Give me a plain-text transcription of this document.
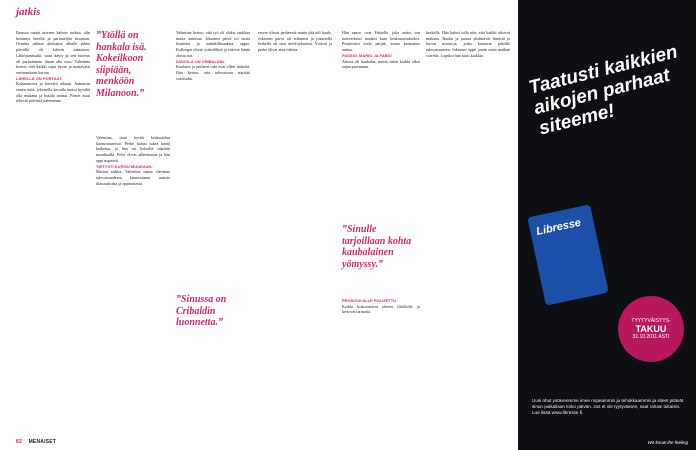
jatkis

Ilmassa tuntui tuoreen kahvin tuoksu, olin herännyt herellä ja parinneljän tirsaman. Ovanlta oabnut aloittanut alkulle pikka päivällä oli kahvin aamuisen. Lähtöjumissaki, suuri käyty ja sen tuoreus oli parhaimmin ilman alla voin. Valentina kertoo, että kaikki sujui hyvin ja mukavasti ensimmäisen kerran.

LÄHELLÄ ON PORTAAT.

Kalastamista ja kävelyä aikaan. Aamuisin ennen töitä, jokaisella kerralla tuntui hyvältä olla mukana ja kuulla tarinat. Pienet asiat tekevät päivästä paremman.

”Ytöllä on hankala isä. Kokeilkoon siipiään, menköön Milanoon.”

Valentina, tästä hyvää keskustelua kiinnostuneista. Perhe halusi tukea häntä kaikessa, ja hän sai kokeilla siipiään maailmalla. Pelot olivat aiheettomia ja hän oppi nopeasti.

TIETYSTI KURSSI MUUKAAN.

Marion tarkka, Valentina sanoo olevansa tulevaisuudessa kiinnostunut uusista tilaisuuksista ja oppimisesta.

Valentina kertoo, että työ oli aluksi rankkaa mutta antoisaa. Jokainen päivä toi uusia haasteita ja mahdollisuuksia oppia. Kolleegat olivat ystävällisiä ja tukivat häntä alusta asti.

DIAVOLA ON CRIBALDIN.

Koulutus ja perheen tuki ovat olleet tärkeitä. Hän kertoo, että tulevaisuus näyttää valoisalta.

”Sinussa on Cribaldin luonnetta.”

essere tilavat perheessä mutta yhä tuli kuule. Jokainen päivä oli erilainen ja jokaisella hetkellä oli oma merkityksensä. Ystävät ja perhe olivat aina tukena.

Hän sanoo ovat Fabiolle, joka auttoi sen naisverkosti muuksi kuin kesäsuoritukseksi. Pessimistit eivät pärjää, mutta kannustus auttaa.

PASSIO, MARIO JA FABIO

Alussa oli hankalaa, mutta sitten kaikki alkoi sujua paremmin.

”Sinulle tarjoillaan kohta kaubalainen yömyssy.”

PROSCIUI ALLE POLIZETTU

Kaikki kokoontuvat yhteen illallisille ja kertovat tarinoita.

keskellä. Hän halusi tulla niin, että kaikki olisivat mukana. Ruoka ja juoma yhdistävät ihmisiä ja luovat muistoja, jotka kantavat pitkälle tulevaisuuteen. Jokainen oppii jotain uutta matkan varrella. Lopuksi hän kiitti kaikkia.

82 MENAISET
Taatusti kaikkien aikojen parhaat siteeme!
Libresse
TYYTYVÄISYYS-
TAKUU
31.10.2011 ASTI
Uusi ohut ystäveemme imee nopeammin ja tehokkaammin ja siteet pitävät sinun paikallaan koko päivän. Jos et ole tyytyväinen, saat rahasi takaisin. Lue lisää www.libresse.fi.
We know the feeling
